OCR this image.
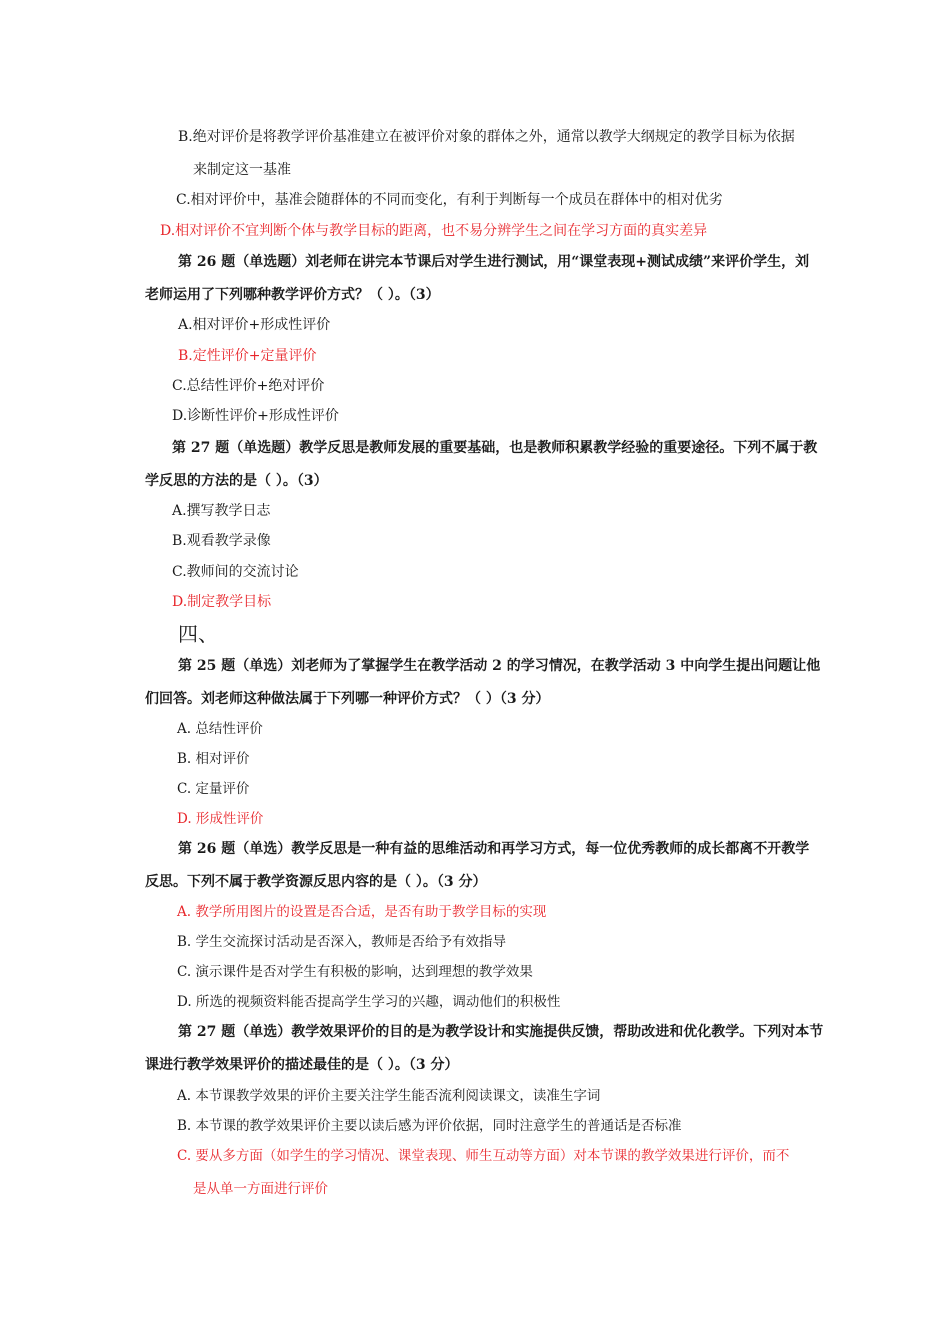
B.绝对评价是将教学评价基准建立在被评价对象的群体之外，通常以教学大纲规定的教学目标为依据
来制定这一基准
C.相对评价中，基准会随群体的不同而变化，有利于判断每一个成员在群体中的相对优劣
D.相对评价不宜判断个体与教学目标的距离，也不易分辨学生之间在学习方面的真实差异
第 26 题（单选题）刘老师在讲完本节课后对学生进行测试，用“课堂表现+测试成绩”来评价学生，刘
老师运用了下列哪种教学评价方式？（ ）。（3）
A.相对评价+形成性评价
B.定性评价+定量评价
C.总结性评价+绝对评价
D.诊断性评价+形成性评价
第 27 题（单选题）教学反思是教师发展的重要基础，也是教师积累教学经验的重要途径。下列不属于教
学反思的方法的是（ ）。（3）
A.撰写教学日志
B.观看教学录像
C.教师间的交流讨论
D.制定教学目标
四、
第 25 题（单选）刘老师为了掌握学生在教学活动 2 的学习情况，在教学活动 3 中向学生提出问题让他
们回答。刘老师这种做法属于下列哪一种评价方式？（ ）（3 分）
A. 总结性评价
B. 相对评价
C. 定量评价
D. 形成性评价
第 26 题（单选）教学反思是一种有益的思维活动和再学习方式，每一位优秀教师的成长都离不开教学
反思。下列不属于教学资源反思内容的是（ ）。（3 分）
A. 教学所用图片的设置是否合适，是否有助于教学目标的实现
B. 学生交流探讨活动是否深入，教师是否给予有效指导
C. 演示课件是否对学生有积极的影响，达到理想的教学效果
D. 所选的视频资料能否提高学生学习的兴趣，调动他们的积极性
第 27 题（单选）教学效果评价的目的是为教学设计和实施提供反馈，帮助改进和优化教学。下列对本节
课进行教学效果评价的描述最佳的是（ ）。（3 分）
A. 本节课教学效果的评价主要关注学生能否流利阅读课文，读准生字词
B. 本节课的教学效果评价主要以读后感为评价依据，同时注意学生的普通话是否标准
C. 要从多方面（如学生的学习情况、课堂表现、师生互动等方面）对本节课的教学效果进行评价，而不
是从单一方面进行评价
